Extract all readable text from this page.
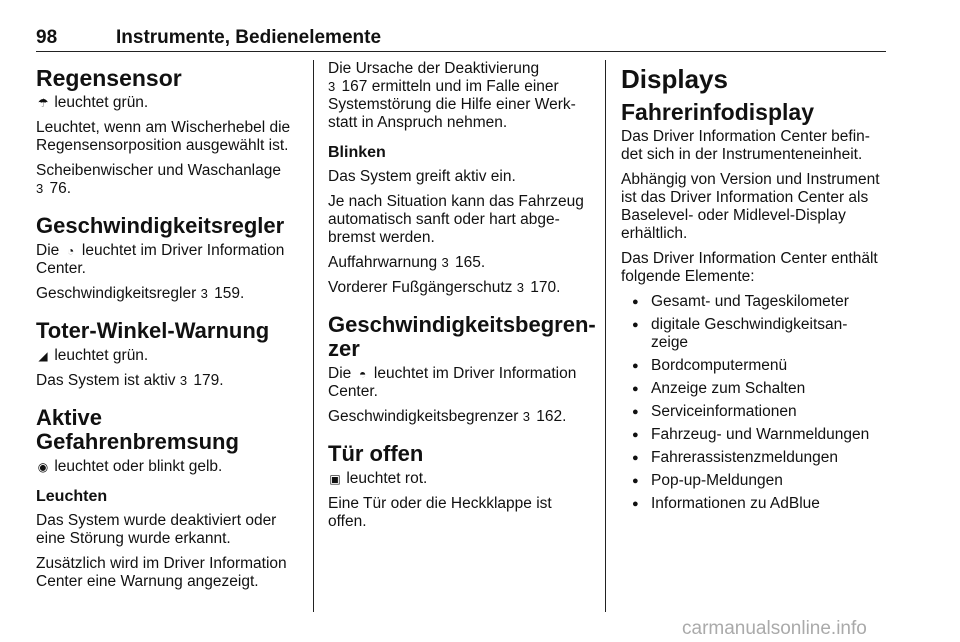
98	Instrumente, Bedienelemente
Regensensor

☂ leuchtet grün.

Leuchtet, wenn am Wischerhebel die Regensensorposition ausgewählt ist.

Scheibenwischer und Waschanlage
3 76.

Geschwindigkeitsregler

Die ◔ leuchtet im Driver Information Center.

Geschwindigkeitsregler 3 159.

Toter-Winkel-Warnung

◢ leuchtet grün.

Das System ist aktiv 3 179.

Aktive Gefahrenbremsung

◉ leuchtet oder blinkt gelb.

Leuchten

Das System wurde deaktiviert oder eine Störung wurde erkannt.

Zusätzlich wird im Driver Information Center eine Warnung angezeigt.

Die Ursache der Deaktivierung
3 167 ermitteln und im Falle einer Systemstörung die Hilfe einer Werk- statt in Anspruch nehmen.

Blinken

Das System greift aktiv ein.

Je nach Situation kann das Fahrzeug automatisch sanft oder hart abge- bremst werden.

Auffahrwarnung 3 165.

Vorderer Fußgängerschutz 3 170.

Geschwindigkeitsbegren- zer

Die ◓ leuchtet im Driver Information Center.

Geschwindigkeitsbegrenzer 3 162.

Tür offen

▣ leuchtet rot.

Eine Tür oder die Heckklappe ist offen.

Displays
Fahrerinfodisplay

Das Driver Information Center befin- det sich in der Instrumenteneinheit.

Abhängig von Version und Instrument ist das Driver Information Center als Baselevel- oder Midlevel-Display erhältlich.

Das Driver Information Center enthält folgende Elemente:

● Gesamt- und Tageskilometer
● digitale Geschwindigkeitsan- zeige
● Bordcomputermenü
● Anzeige zum Schalten
● Serviceinformationen
● Fahrzeug- und Warnmeldungen
● Fahrerassistenzmeldungen
● Pop-up-Meldungen
● Informationen zu AdBlue
carmanualsonline.info
